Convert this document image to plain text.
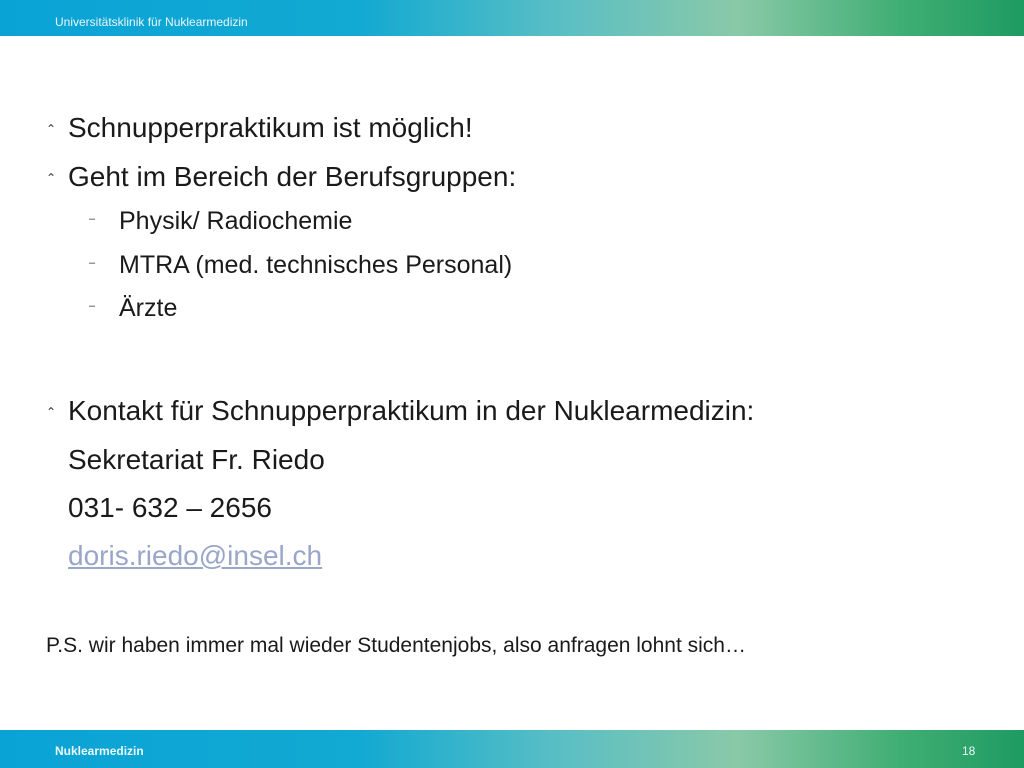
Universitätsklinik für Nuklearmedizin
⌃ Schnupperpraktikum ist möglich!
⌃ Geht im Bereich der Berufsgruppen:
– Physik/ Radiochemie
– MTRA (med. technisches Personal)
– Ärzte
⌃ Kontakt für Schnupperpraktikum in der Nuklearmedizin:
Sekretariat Fr. Riedo
031- 632 – 2656
doris.riedo@insel.ch
P.S. wir haben immer mal wieder Studentenjobs, also anfragen lohnt sich…
Nuklearmedizin	18
